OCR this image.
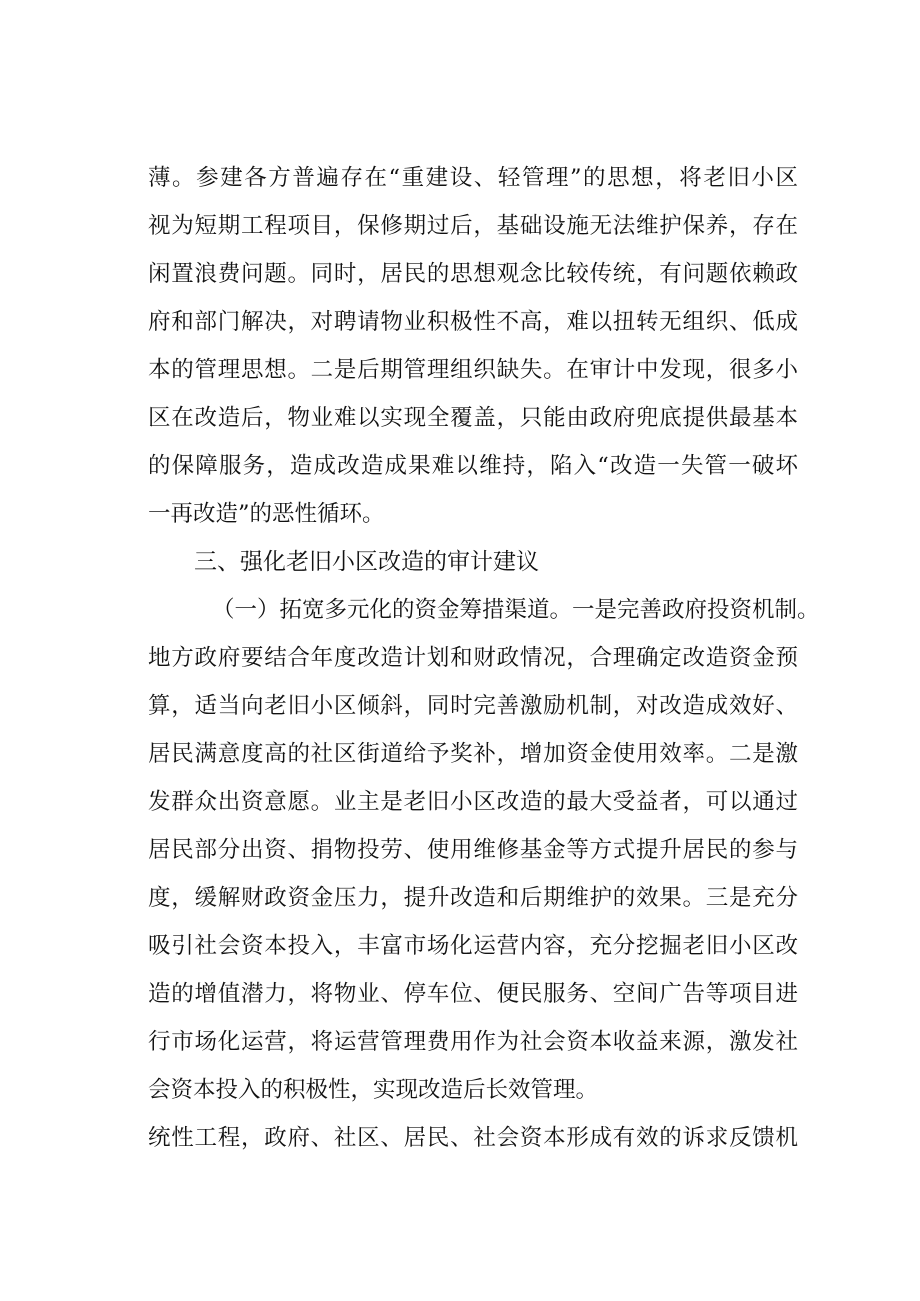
薄。参建各方普遍存在“重建设、轻管理”的思想，将老旧小区
视为短期工程项目，保修期过后，基础设施无法维护保养，存在
闲置浪费问题。同时，居民的思想观念比较传统，有问题依赖政
府和部门解决，对聘请物业积极性不高，难以扭转无组织、低成
本的管理思想。二是后期管理组织缺失。在审计中发现，很多小
区在改造后，物业难以实现全覆盖，只能由政府兜底提供最基本
的保障服务，造成改造成果难以维持，陷入“改造一失管一破坏
一再改造”的恶性循环。
三、强化老旧小区改造的审计建议
（一）拓宽多元化的资金筹措渠道。一是完善政府投资机制。
地方政府要结合年度改造计划和财政情况，合理确定改造资金预
算，适当向老旧小区倾斜，同时完善激励机制，对改造成效好、
居民满意度高的社区街道给予奖补，增加资金使用效率。二是激
发群众出资意愿。业主是老旧小区改造的最大受益者，可以通过
居民部分出资、捐物投劳、使用维修基金等方式提升居民的参与
度，缓解财政资金压力，提升改造和后期维护的效果。三是充分
吸引社会资本投入，丰富市场化运营内容，充分挖掘老旧小区改
造的增值潜力，将物业、停车位、便民服务、空间广告等项目进
行市场化运营，将运营管理费用作为社会资本收益来源，激发社
会资本投入的积极性，实现改造后长效管理。
统性工程，政府、社区、居民、社会资本形成有效的诉求反馈机
